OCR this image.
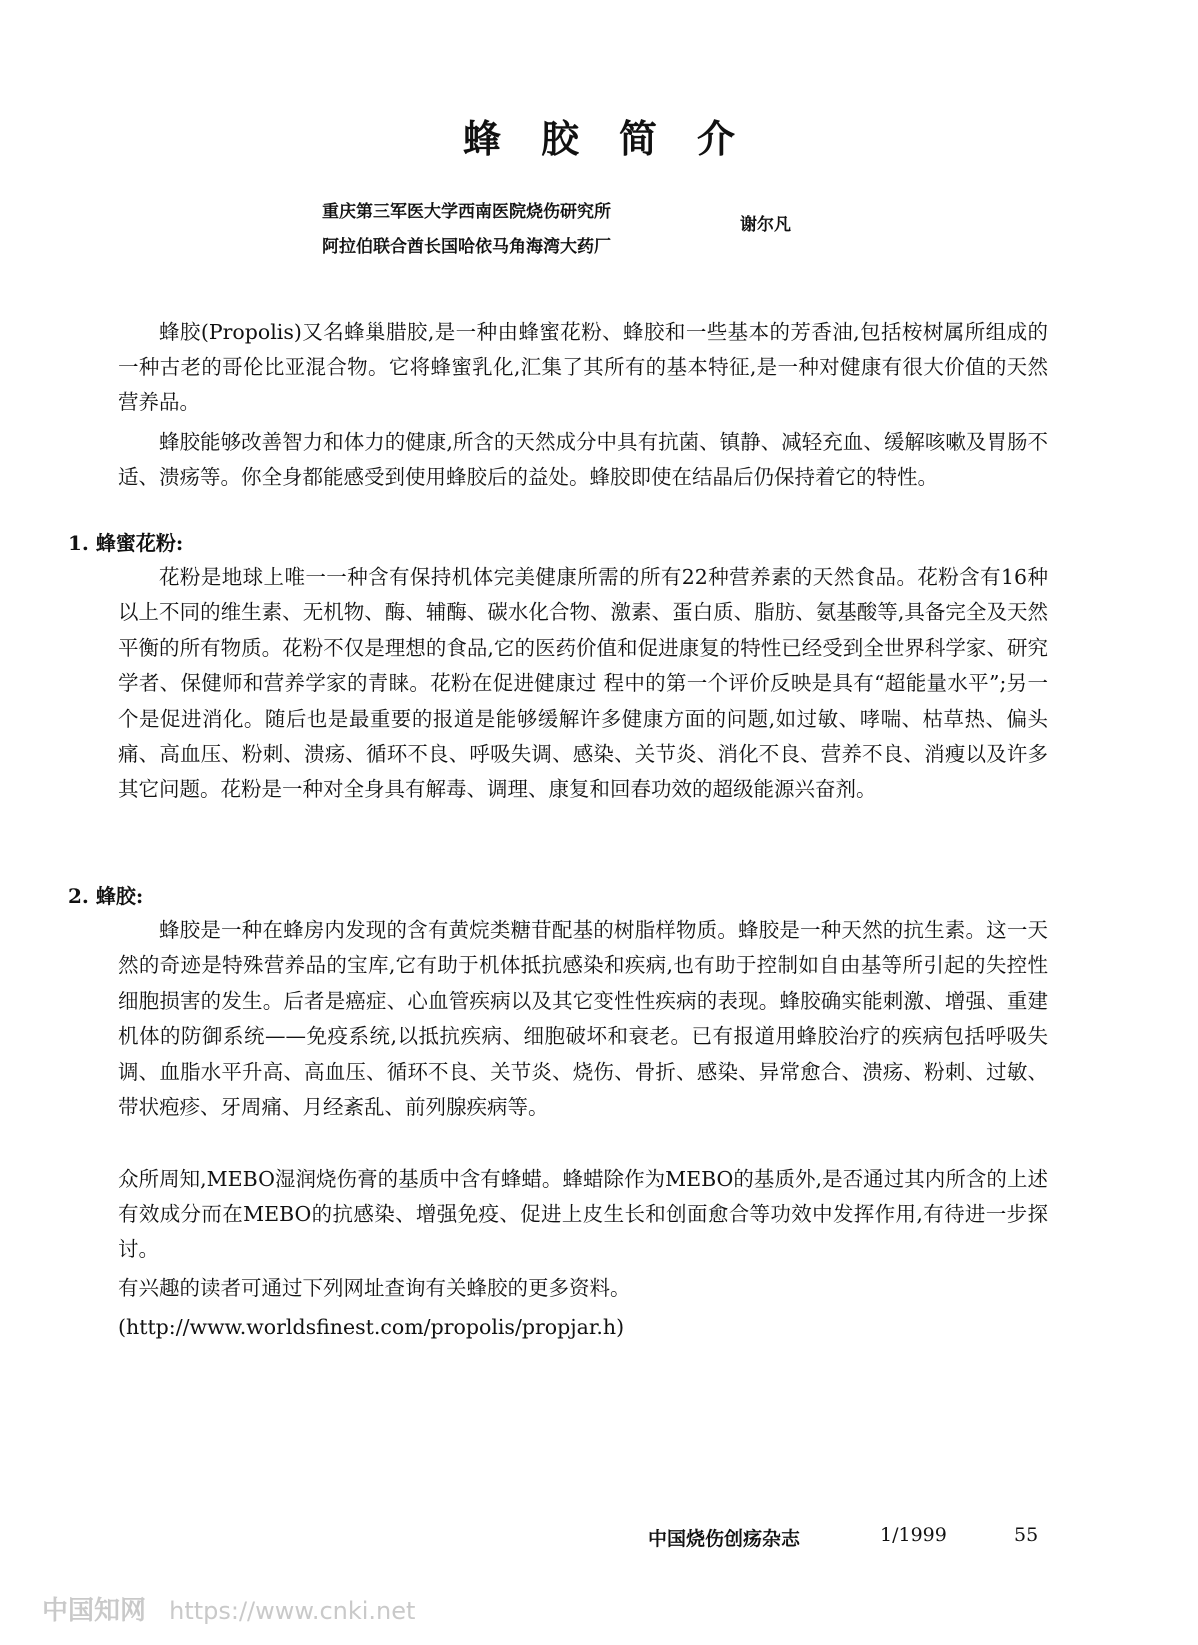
蜂胶简介
重庆第三军医大学西南医院烧伤研究所
阿拉伯联合酋长国哈依马角海湾大药厂
谢尔凡

蜂胶(Propolis)又名蜂巢腊胶,是一种由蜂蜜花粉、蜂胶和一些基本的芳香油,包括桉树属所组成的一种古老的哥伦比亚混合物。它将蜂蜜乳化,汇集了其所有的基本特征,是一种对健康有很大价值的天然营养品。

蜂胶能够改善智力和体力的健康,所含的天然成分中具有抗菌、镇静、减轻充血、缓解咳嗽及胃肠不适、溃疡等。你全身都能感受到使用蜂胶后的益处。蜂胶即使在结晶后仍保持着它的特性。

1. 蜂蜜花粉:

花粉是地球上唯一一种含有保持机体完美健康所需的所有22种营养素的天然食品。花粉含有16种以上不同的维生素、无机物、酶、辅酶、碳水化合物、激素、蛋白质、脂肪、氨基酸等,具备完全及天然平衡的所有物质。花粉不仅是理想的食品,它的医药价值和促进康复的特性已经受到全世界科学家、研究学者、保健师和营养学家的青睐。花粉在促进健康过 程中的第一个评价反映是具有“超能量水平”;另一个是促进消化。随后也是最重要的报道是能够缓解许多健康方面的问题,如过敏、哮喘、枯草热、偏头痛、高血压、粉刺、溃疡、循环不良、呼吸失调、感染、关节炎、消化不良、营养不良、消瘦以及许多其它问题。花粉是一种对全身具有解毒、调理、康复和回春功效的超级能源兴奋剂。

2. 蜂胶:

蜂胶是一种在蜂房内发现的含有黄烷类糖苷配基的树脂样物质。蜂胶是一种天然的抗生素。这一天然的奇迹是特殊营养品的宝库,它有助于机体抵抗感染和疾病,也有助于控制如自由基等所引起的失控性细胞损害的发生。后者是癌症、心血管疾病以及其它变性性疾病的表现。蜂胶确实能刺激、增强、重建机体的防御系统——免疫系统,以抵抗疾病、细胞破坏和衰老。已有报道用蜂胶治疗的疾病包括呼吸失调、血脂水平升高、高血压、循环不良、关节炎、烧伤、骨折、感染、异常愈合、溃疡、粉刺、过敏、带状疱疹、牙周痛、月经紊乱、前列腺疾病等。

众所周知,MEBO湿润烧伤膏的基质中含有蜂蜡。蜂蜡除作为MEBO的基质外,是否通过其内所含的上述有效成分而在MEBO的抗感染、增强免疫、促进上皮生长和创面愈合等功效中发挥作用,有待进一步探讨。

有兴趣的读者可通过下列网址查询有关蜂胶的更多资料。

(http://www.worldsfinest.com/propolis/propjar.h)

中国烧伤创疡杂志	1/1999	55
中国知网 https://www.cnki.net
